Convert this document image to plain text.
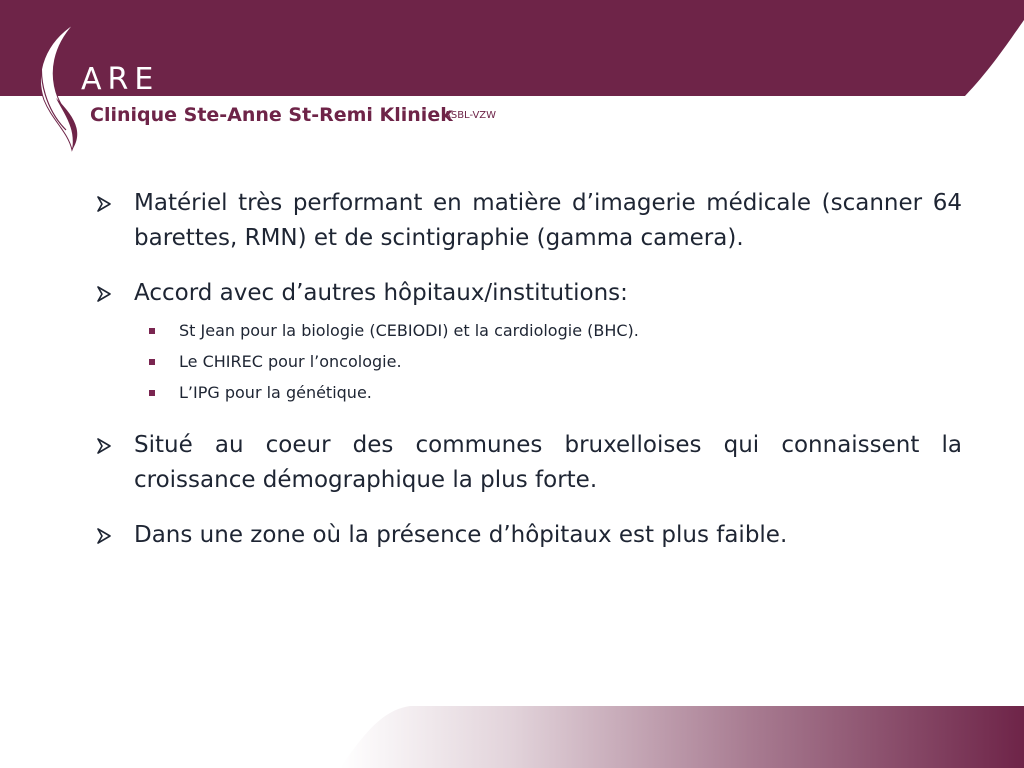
ARE
Clinique Ste-Anne St-Remi Kliniek
ASBL-VZW
Matériel très performant en matière d’imagerie médicale (scanner 64 barettes, RMN) et de scintigraphie (gamma camera).
Accord avec d’autres hôpitaux/institutions:
St Jean pour la biologie (CEBIODI) et la cardiologie (BHC).
Le CHIREC pour l’oncologie.
L’IPG pour la génétique.
Situé au coeur des communes bruxelloises qui connaissent la croissance démographique la plus forte.
Dans une zone où la présence d’hôpitaux est plus faible.
